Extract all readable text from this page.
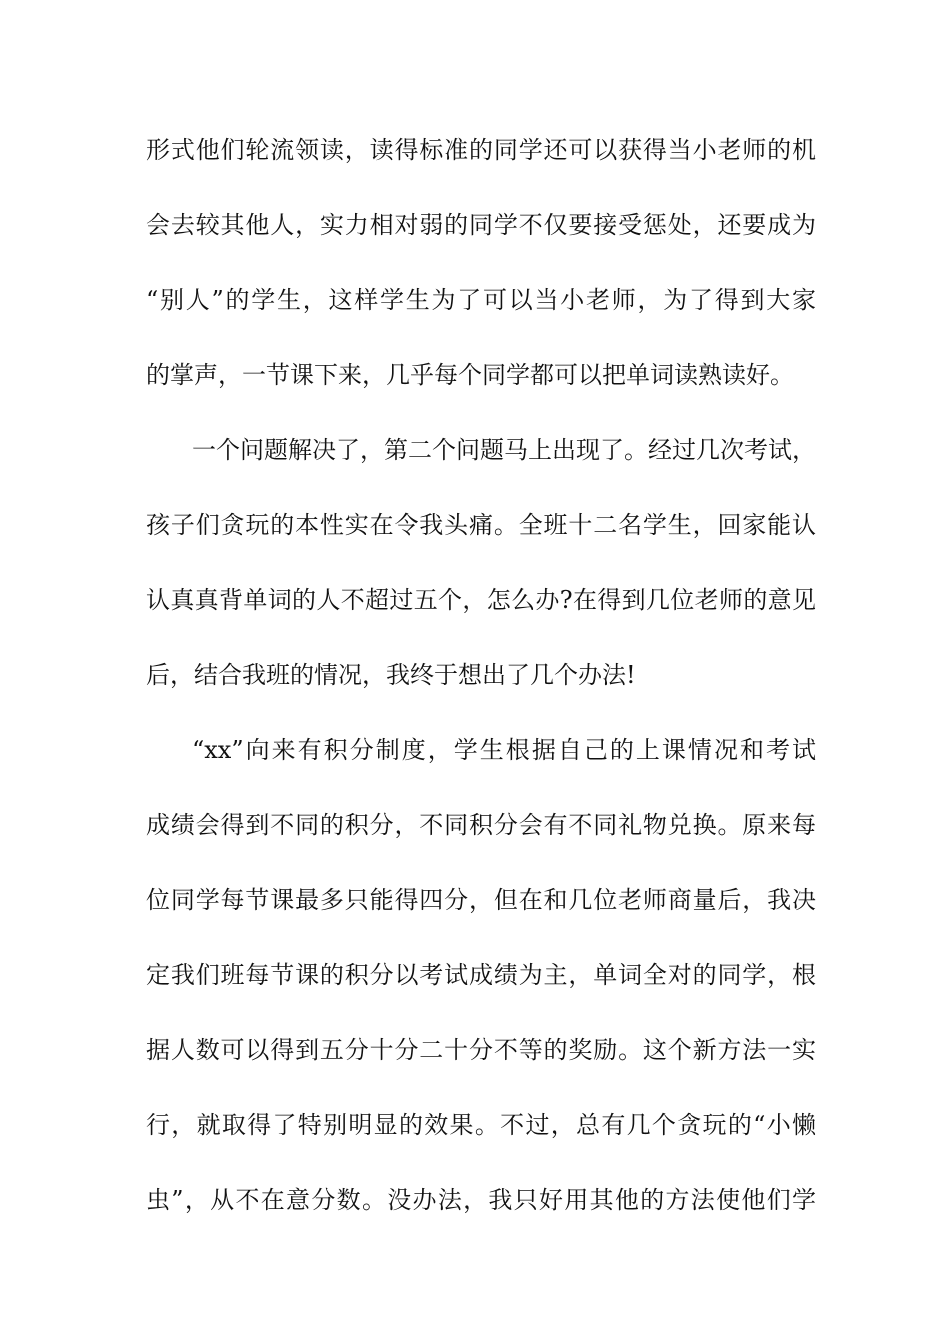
形式他们轮流领读，读得标准的同学还可以获得当小老师的机
会去较其他人，实力相对弱的同学不仅要接受惩处，还要成为
“别人”的学生，这样学生为了可以当小老师，为了得到大家
的掌声，一节课下来，几乎每个同学都可以把单词读熟读好。
一个问题解决了，第二个问题马上出现了。经过几次考试，
孩子们贪玩的本性实在令我头痛。全班十二名学生，回家能认
认真真背单词的人不超过五个，怎么办?在得到几位老师的意见
后，结合我班的情况，我终于想出了几个办法!
“xx”向来有积分制度，学生根据自己的上课情况和考试
成绩会得到不同的积分，不同积分会有不同礼物兑换。原来每
位同学每节课最多只能得四分，但在和几位老师商量后，我决
定我们班每节课的积分以考试成绩为主，单词全对的同学，根
据人数可以得到五分十分二十分不等的奖励。这个新方法一实
行，就取得了特别明显的效果。不过，总有几个贪玩的“小懒
虫”，从不在意分数。没办法，我只好用其他的方法使他们学
